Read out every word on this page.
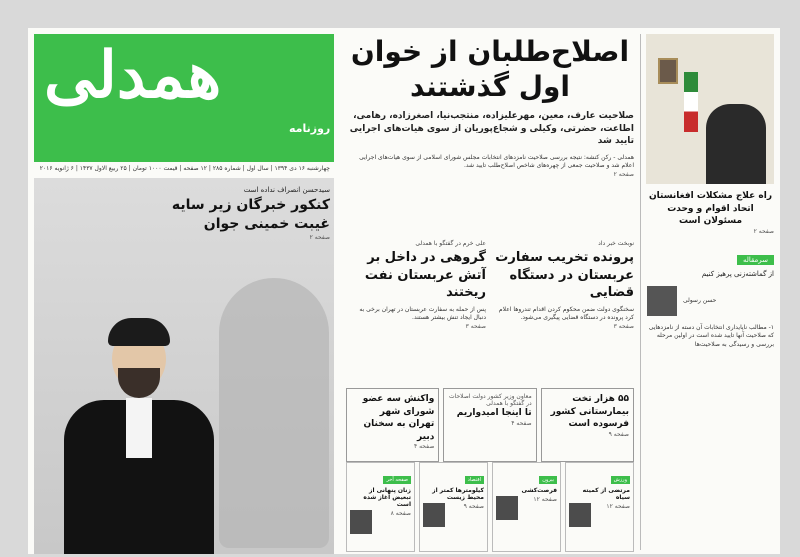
همدلی
روزنامه
چهارشنبه ۱۶ دی ۱۳۹۴ | سال اول | شماره ۲۸۵ | ۱۲ صفحه | قیمت ۱۰۰۰ تومان | ۲۵ ربیع الاول ۱۴۳۷ | ۶ ژانویه ۲۰۱۶
سیدحسن انصراف نداده است
کنکور خبرگان زیر سایه غیبت خمینی جوان
صفحه ۲
اصلاح‌طلبان از خوان اول گذشتند
صلاحیت عارف، معین، مهرعلیزاده، منتجب‌نیا، اصغرزاده، رهامی، اطاعت، حضرتی، وکیلی و شجاع‌پوریان از سوی هیات‌های اجرایی تایید شد
همدلی - رکن کنشه: نتیجه بررسی صلاحیت نامزدهای انتخابات مجلس شورای اسلامی از سوی هیات‌های اجرایی اعلام شد و صلاحیت جمعی از چهره‌های شاخص اصلاح‌طلب تایید شد.
صفحه ۲
علی خرم در گفتگو با همدلی
گروهی در داخل بر آتش عربستان نفت ریختند
پس از حمله به سفارت عربستان در تهران برخی به دنبال ایجاد تنش بیشتر هستند.
صفحه ۳
نوبخت خبر داد
پرونده تخریب سفارت عربستان در دستگاه قضایی
سخنگوی دولت ضمن محکوم کردن اقدام تندروها اعلام کرد پرونده در دستگاه قضایی پیگیری می‌شود.
صفحه ۳
واکنش سه عضو شورای شهر تهران به سخنان دبیر
صفحه ۴
معاون وزیر کشور دولت اصلاحات در گفتگو با همدلی
تا اینجا امیدواریم
صفحه ۴
۵۵ هزار تخت بیمارستانی کشور فرسوده است
صفحه ۹
صفحه آخر
زنان پنهانی از تبعیض آغاز شده است
صفحه ۸
اقتصاد
کیلومترها کمتر از محیط زیست
صفحه ۹
بیرون
فرصت‌کشی
صفحه ۱۲
ورزش
مرتضی از کمیته سیاه
صفحه ۱۲
راه علاج مشکلات افغانستان اتحاد اقوام و وحدت مسئولان است
صفحه ۲
سرمقاله
از گماشته‌زنی پرهیز کنیم
حسن رسولی
۱- مطالب ناپایداری انتخابات آن دسته از نامزدهایی که صلاحیت آنها تایید شده است در اولین مرحله بررسی و رسیدگی به صلاحیت‌ها
